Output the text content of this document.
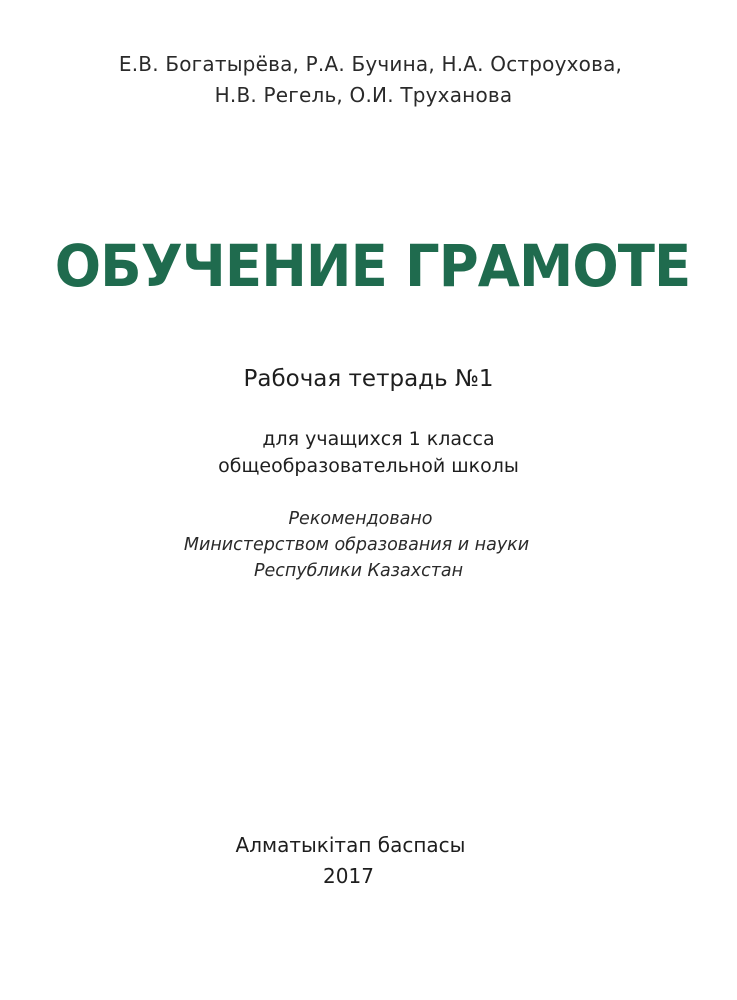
Е.В. Богатырёва, Р.А. Бучина, Н.А. Остроухова,
Н.В. Регель, О.И. Труханова
ОБУЧЕНИЕ ГРАМОТЕ
Рабочая тетрадь №1
для учащихся 1 класса
общеобразовательной школы
Рекомендовано
Министерством образования и науки
Республики Казахстан
Алматыкітап баспасы
2017
